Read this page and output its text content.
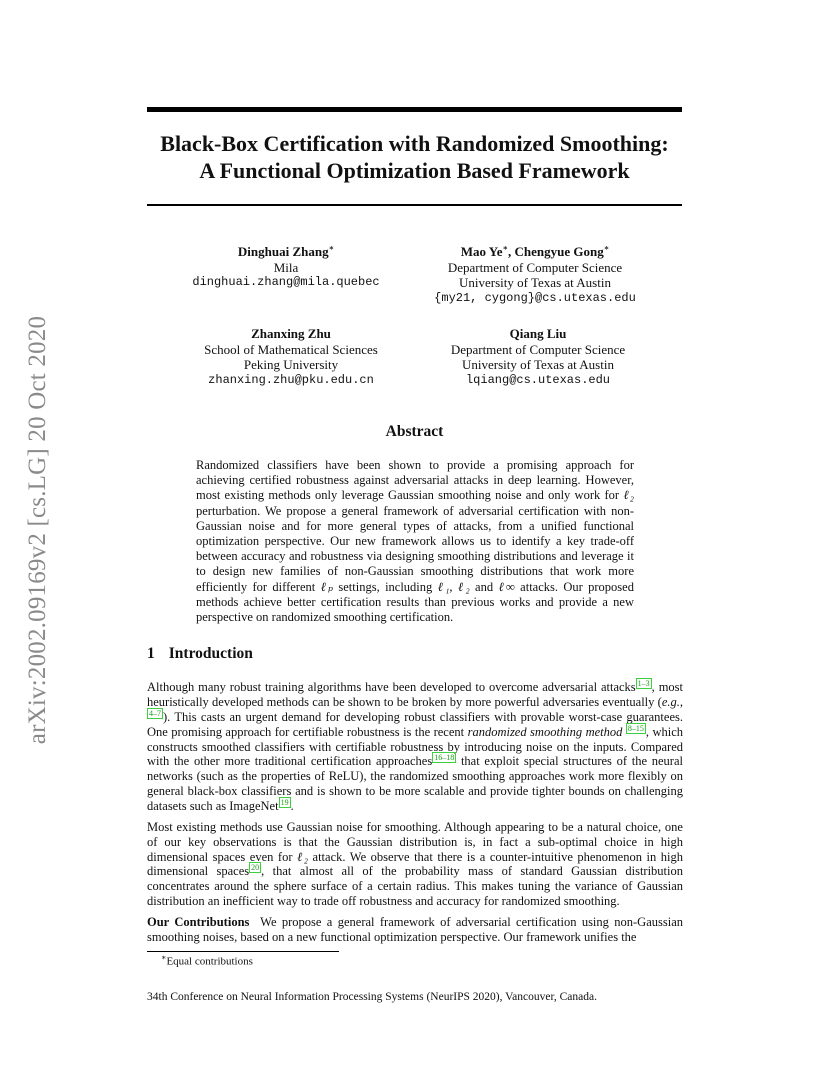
arXiv:2002.09169v2 [cs.LG] 20 Oct 2020
Black-Box Certification with Randomized Smoothing:
A Functional Optimization Based Framework
Dinghuai Zhang∗
Mila
dinghuai.zhang@mila.quebec
Mao Ye∗, Chengyue Gong∗
Department of Computer Science
University of Texas at Austin
{my21, cygong}@cs.utexas.edu
Zhanxing Zhu
School of Mathematical Sciences
Peking University
zhanxing.zhu@pku.edu.cn
Qiang Liu
Department of Computer Science
University of Texas at Austin
lqiang@cs.utexas.edu
Abstract

Randomized classifiers have been shown to provide a promising approach for achieving certified robustness against adversarial attacks in deep learning. However, most existing methods only leverage Gaussian smoothing noise and only work for ℓ₂ perturbation. We propose a general framework of adversarial certification with non-Gaussian noise and for more general types of attacks, from a unified functional optimization perspective. Our new framework allows us to identify a key trade-off between accuracy and robustness via designing smoothing distributions and leverage it to design new families of non-Gaussian smoothing distributions that work more efficiently for different ℓₚ settings, including ℓ₁, ℓ₂ and ℓ∞ attacks. Our proposed methods achieve better certification results than previous works and provide a new perspective on randomized smoothing certification.

1 Introduction

Although many robust training algorithms have been developed to overcome adversarial attacks $^{1-3}$ , most heuristically developed methods can be shown to be broken by more powerful adversaries eventually (e.g., $^{4-7}$ ). This casts an urgent demand for developing robust classifiers with provable worst-case guarantees. One promising approach for certifiable robustness is the recent randomized smoothing method $^{8-15}$ , which constructs smoothed classifiers with certifiable robustness by introducing noise on the inputs. Compared with the other more traditional certification approaches $^{16-18}$ that exploit special structures of the neural networks (such as the properties of ReLU), the randomized smoothing approaches work more flexibly on general black-box classifiers and is shown to be more scalable and provide tighter bounds on challenging datasets such as ImageNet $^{19}$ .

Most existing methods use Gaussian noise for smoothing. Although appearing to be a natural choice, one of our key observations is that the Gaussian distribution is, in fact a sub-optimal choice in high dimensional spaces even for ℓ₂ attack. We observe that there is a counter-intuitive phenomenon in high dimensional spaces $^{20}$ , that almost all of the probability mass of standard Gaussian distribution concentrates around the sphere surface of a certain radius. This makes tuning the variance of Gaussian distribution an inefficient way to trade off robustness and accuracy for randomized smoothing.

Our Contributions We propose a general framework of adversarial certification using non-Gaussian smoothing noises, based on a new functional optimization perspective. Our framework unifies the

∗Equal contributions

34th Conference on Neural Information Processing Systems (NeurIPS 2020), Vancouver, Canada.
